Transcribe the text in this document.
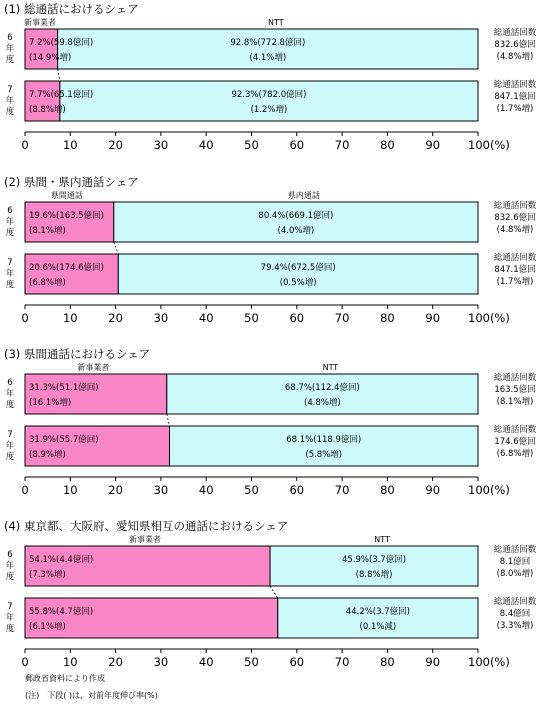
(1) 総通話におけるシェア
新事業者	NTT
7.2%(59.8億回)
(14.9%増)
92.8%(772.8億回)
(4.1%増)
6
年
度
総通話回数
832.6億回
(4.8%増)
7.7%(65.1億回)
(8.8%増)
92.3%(782.0億回)
(1.2%増)
7
年
度
総通話回数
847.1億回
(1.7%増)
0	10	20	30	40	50	60	70	80	90 100(%)
(2) 県間・県内通話シェア
県間通話	県内通話
19.6%(163.5億回)
(8.1%増)
80.4%(669.1億回)
(4.0%増)
6
年
度
総通話回数
832.6億回
(4.8%増)
20.6%(174.6億回)
(6.8%増)
79.4%(672.5億回)
(0.5%増)
7
年
度
総通話回数
847.1億回
(1.7%増)
0	10	20	30	40	50	60	70	80	90 100(%)
(3) 県間通話におけるシェア
新事業者	NTT
31.3%(51.1億回)
(16.1%増)
68.7%(112.4億回)
(4.8%増)
6
年
度
総通話回数
163.5億回
(8.1%増)
31.9%(55.7億回)
(8.9%増)
68.1%(118.9億回)
(5.8%増)
7
年
度
総通話回数
174.6億回
(6.8%増)
0	10	20	30	40	50	60	70	80	90 100(%)
(4) 東京都、大阪府、愛知県相互の通話におけるシェア
新事業者	NTT
54.1%(4.4億回)
(7.3%増)
45.9%(3.7億回)
(8.8%増)
6
年
度
総通話回数
8.1億回
(8.0%増)
55.8%(4.7億回)
(6.1%増)
44.2%(3.7億回)
(0.1%減)
7
年
度
総通話回数
8.4億回
(3.3%増)
0	10	20	30	40	50	60	70	80	90 100(%)
郵政省資料により作成
(注)　下段( )は、対前年度伸び率(%)
